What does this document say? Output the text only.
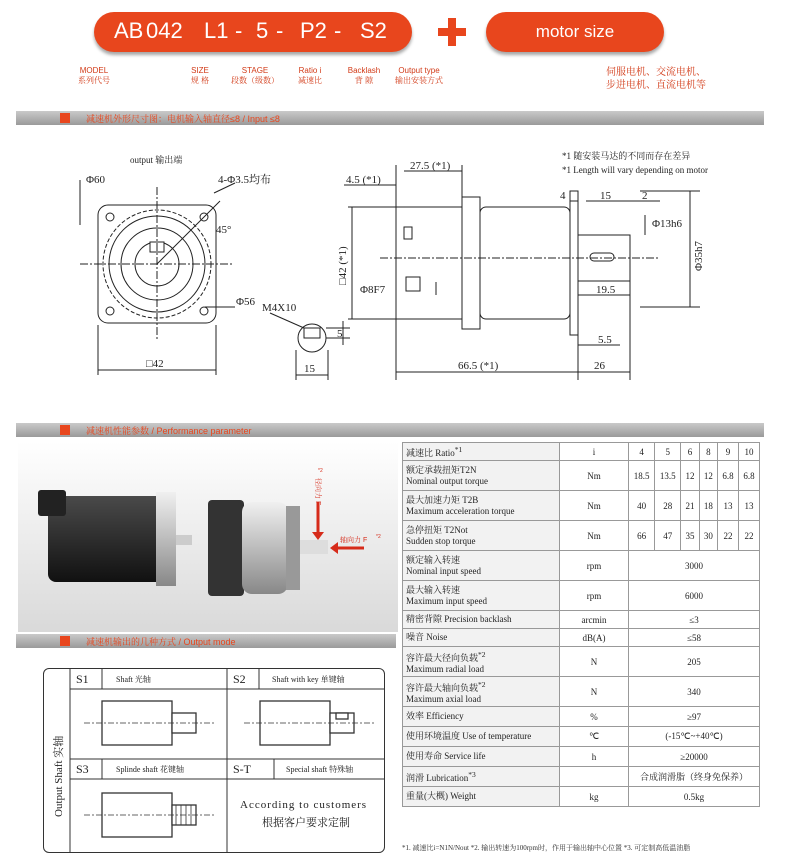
AB 042 L1 - 5 - P2 - S2	motor size
MODEL
系列代号
SIZE
规 格
STAGE
段数（级数）
Ratio i
减速比
Backlash
背 隙
Output type
输出安装方式
伺服电机、交流电机、
步进电机、直流电机等
减速机外形尺寸图：电机输入轴直径≤8 / Input ≤8
output 输出端
Φ60	4-Φ3.5均布
45°
Φ56 M4X10
□42	15
5
*1 随安装马达的不同而存在差异
*1 Length will vary depending on motor
4.5 (*1)
27.5 (*1)
4	15	2
Φ13h6
Φ35h7
□42 (*1)
Φ8F7	19.5
5.5
66.5 (*1)	26
减速机性能参数 / Performance parameter
径向力 F
*2
轴向力 F *2
减速比 Ratio$^{*1}$	i	4	5	6	8	9	10

额定承载扭矩T2N
Nominal output torque	Nm	18.5	13.5	12	12	6.8	6.8

最大加速力矩 T2B
Maximum acceleration torque	Nm	40	28	21	18	13	13

急停扭矩 T2Not
Sudden stop torque	Nm	66	47	35	30	22	22

额定输入转速
Nominal input speed	rpm	3000					

最大输入转速
Maximum input speed	rpm	6000					
精密背隙 Precision backlash	arcmin	≤3					
噪音 Noise	dB(A)	≤58					

容许最大径向负载$^{*2}$
Maximum radial load	N	205					

容许最大轴向负载$^{*2}$
Maximum axial load	N	340					
效率 Efficiency	%	≥97					
使用环境温度 Use of temperature	℃	(-15℃~+40℃)					
使用寿命 Service life	h	≥20000					
润滑 Lubrication$^{*3}$		合成润滑脂（终身免保养）					
重量(大概) Weight	kg	0.5kg					
*1. 减速比i=N1N/Nout *2. 输出转速为100rpm时，作用于输出轴中心位置 *3. 可定制高低温油脂
减速机输出的几种方式 / Output mode
Output Shaft 实轴
S1	Shaft 光轴	S2	Shaft with key 单键轴
S3	Splinde shaft 花键轴	S-T	Special shaft 特殊轴
According to customers
根据客户要求定制
